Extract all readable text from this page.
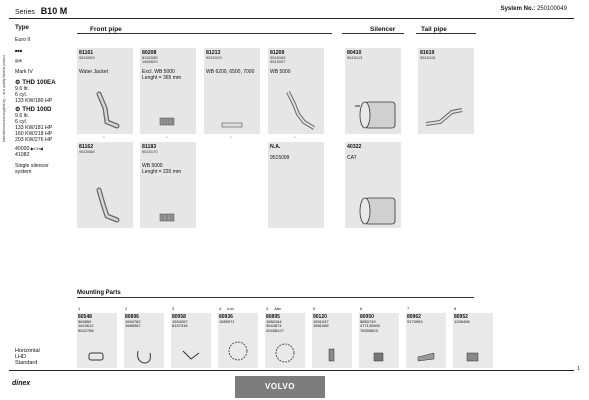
Series B10 M	System No.: 250100049
Manufactured and supplied by ... as a quality exhaust product
Type
Euro II
■■■
▤⊗
Mark IV
⚙ THD 100EA
9.6 ltr.
6 cyl.
133 KW/180 HP
⚙ THD 100D
9.6 ltr.
6 cyl.
133 KW/181 HP
160 KW/218 HP
203 KW/276 HP
40000 ▶CH◀
41082
Single silencer
system
Horizontal
LHD
Standard
Front pipe	Silencer	Tail pipe
81161
9515063
Water Jacket
80208
8152085
1669629
Excl. WB 5000
Lenght = 365 mm
81213
9515103
WB 6200, 6500, 7000
81209
9518184
9515097
WB 5000
80410
9515113
81619
9515115
81162
9515068
81183
9515170
WB 5000
Lenght = 220 mm
N.A.

9515099
40322

CAT
◦	◦	◦	◦
Mounting Parts
1
80548
569850
1624612
9522768
2
80896
1594782
1688387
3
80958
1594267
8157316
4 Incl.
80936
1589971
4 Abc
80895
1660164
3943874
20438127
5
90120
1591047
1581066
6
80950
5850749
477130800
78305823
7
80962
9173953
8
80952
1206408
dinex	VOLVO
1
